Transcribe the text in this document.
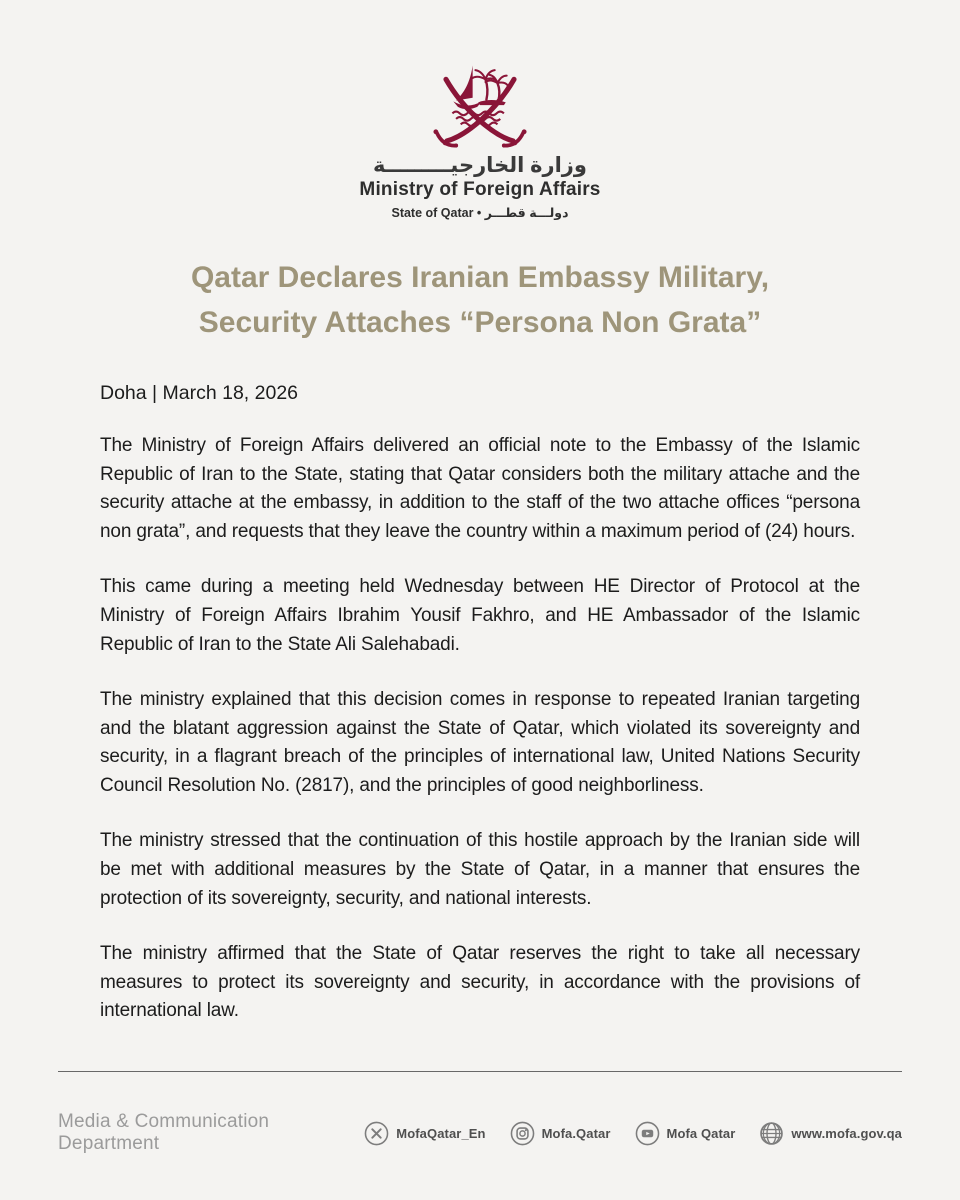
وزارة الخارجيـــــــــة
Ministry of Foreign Affairs
State of Qatar • دولـــة قطـــر
Qatar Declares Iranian Embassy Military,
Security Attaches “Persona Non Grata”
Doha | March 18, 2026

The Ministry of Foreign Affairs delivered an official note to the Embassy of the Islamic Republic of Iran to the State, stating that Qatar considers both the military attache and the security attache at the embassy, in addition to the staff of the two attache offices “persona non grata”, and requests that they leave the country within a maximum period of (24) hours.

This came during a meeting held Wednesday between HE Director of Protocol at the Ministry of Foreign Affairs Ibrahim Yousif Fakhro, and HE Ambassador of the Islamic Republic of Iran to the State Ali Salehabadi.

The ministry explained that this decision comes in response to repeated Iranian targeting and the blatant aggression against the State of Qatar, which violated its sovereignty and security, in a flagrant breach of the principles of international law, United Nations Security Council Resolution No. (2817), and the principles of good neighborliness.

The ministry stressed that the continuation of this hostile approach by the Iranian side will be met with additional measures by the State of Qatar, in a manner that ensures the protection of its sovereignty, security, and national interests.

The ministry affirmed that the State of Qatar reserves the right to take all necessary measures to protect its sovereignty and security, in accordance with the provisions of international law.

Media & Communication Department	MofaQatar_En	Mofa.Qatar	Mofa Qatar	www.mofa.gov.qa
